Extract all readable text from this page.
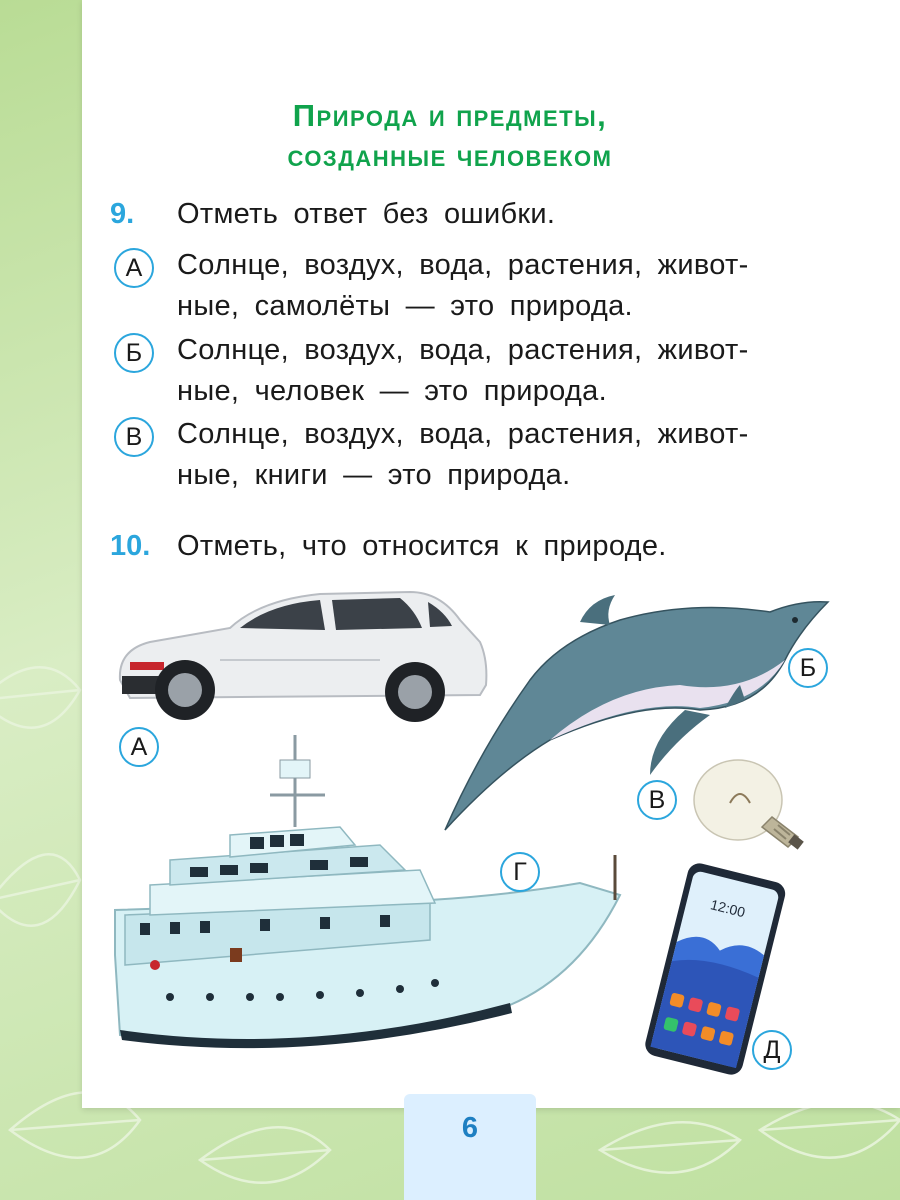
Природа и предметы,
созданные человеком
9. Отметь ответ без ошибки.
А	Солнце, воздух, вода, растения, живот-
ные, самолёты — это природа.
Б	Солнце, воздух, вода, растения, живот-
ные, человек — это природа.
В	Солнце, воздух, вода, растения, живот-
ные, книги — это природа.
10. Отметь, что относится к природе.
А
Б
В
Г
12:00
Д
6
